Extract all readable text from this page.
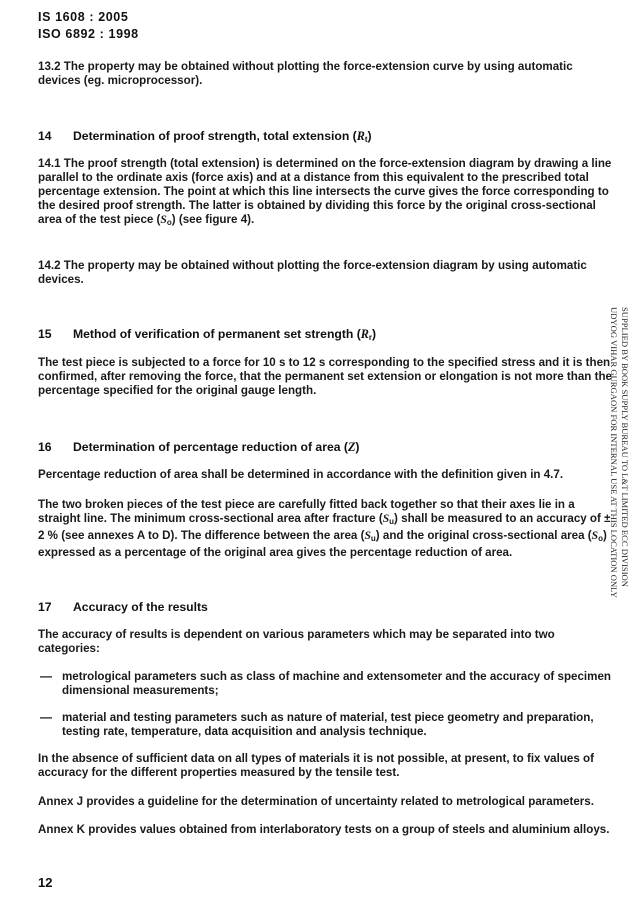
IS 1608 : 2005
ISO 6892 : 1998
13.2 The property may be obtained without plotting the force-extension curve by using automatic devices (eg. microprocessor).
14 Determination of proof strength, total extension $(R_t)$
14.1 The proof strength (total extension) is determined on the force-extension diagram by drawing a line parallel to the ordinate axis (force axis) and at a distance from this equivalent to the prescribed total percentage extension. The point at which this line intersects the curve gives the force corresponding to the desired proof strength. The latter is obtained by dividing this force by the original cross-sectional area of the test piece $(S_o)$ (see figure 4).
14.2 The property may be obtained without plotting the force-extension diagram by using automatic devices.
15 Method of verification of permanent set strength $(R_r)$
The test piece is subjected to a force for 10 s to 12 s corresponding to the specified stress and it is then confirmed, after removing the force, that the permanent set extension or elongation is not more than the percentage specified for the original gauge length.
16 Determination of percentage reduction of area (Z)
Percentage reduction of area shall be determined in accordance with the definition given in 4.7.
The two broken pieces of the test piece are carefully fitted back together so that their axes lie in a straight line. The minimum cross-sectional area after fracture $(S_u)$ shall be measured to an accuracy of ± 2 % (see annexes A to D). The difference between the area $(S_u)$ and the original cross-sectional area $(S_o)$ expressed as a percentage of the original area gives the percentage reduction of area.
17 Accuracy of the results
The accuracy of results is dependent on various parameters which may be separated into two categories:
— metrological parameters such as class of machine and extensometer and the accuracy of specimen dimensional measurements;
— material and testing parameters such as nature of material, test piece geometry and preparation, testing rate, temperature, data acquisition and analysis technique.
In the absence of sufficient data on all types of materials it is not possible, at present, to fix values of accuracy for the different properties measured by the tensile test.
Annex J provides a guideline for the determination of uncertainty related to metrological parameters.
Annex K provides values obtained from interlaboratory tests on a group of steels and aluminium alloys.
SUPPLIED BY BOOK SUPPLY BUREAU TO L&T LIMITED ECC DIVISION
UDYOG VIHAR GURGAON FOR INTERNAL USE AT THIS LOCATION ONLY
12
